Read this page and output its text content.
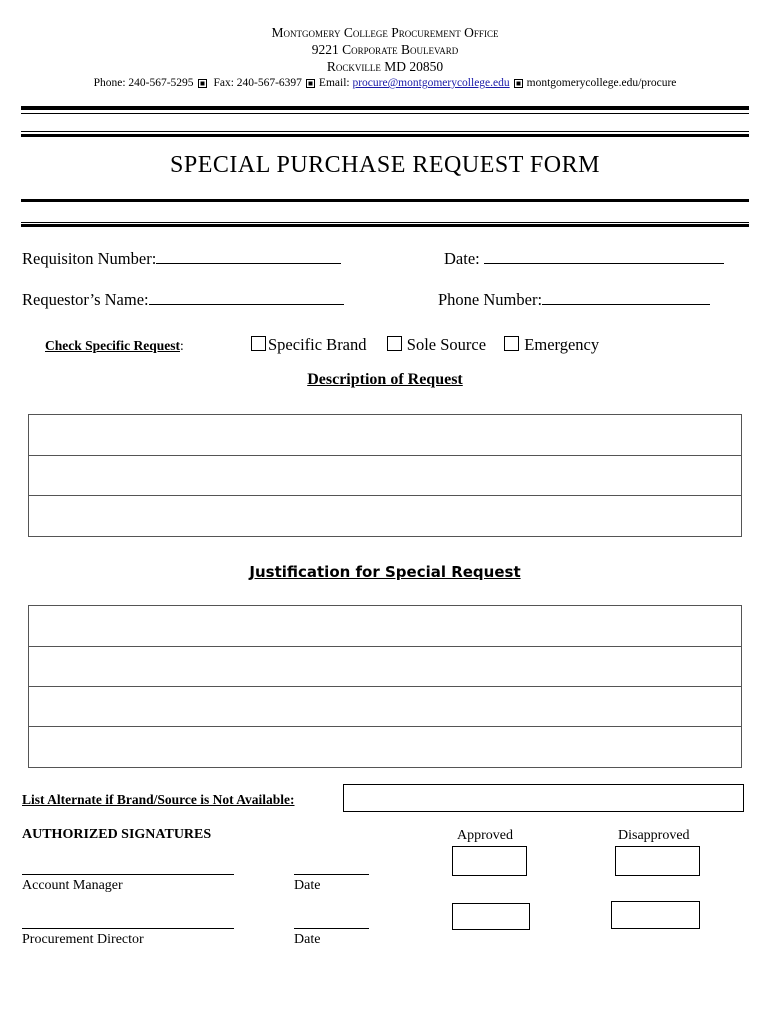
Montgomery College Procurement Office
9221 Corporate Boulevard
Rockville MD 20850
Phone: 240-567-5295 Fax: 240-567-6397 Email: procure@montgomerycollege.edu montgomerycollege.edu/procure
SPECIAL PURCHASE REQUEST FORM
Requisiton Number:	Date:
Requestor’s Name:	Phone Number:
Check Specific Request:	Specific Brand Sole Source Emergency
Description of Request
Justification for Special Request
List Alternate if Brand/Source is Not Available:
AUTHORIZED SIGNATURES	Approved	Disapproved
Account Manager	Date
Procurement Director	Date
